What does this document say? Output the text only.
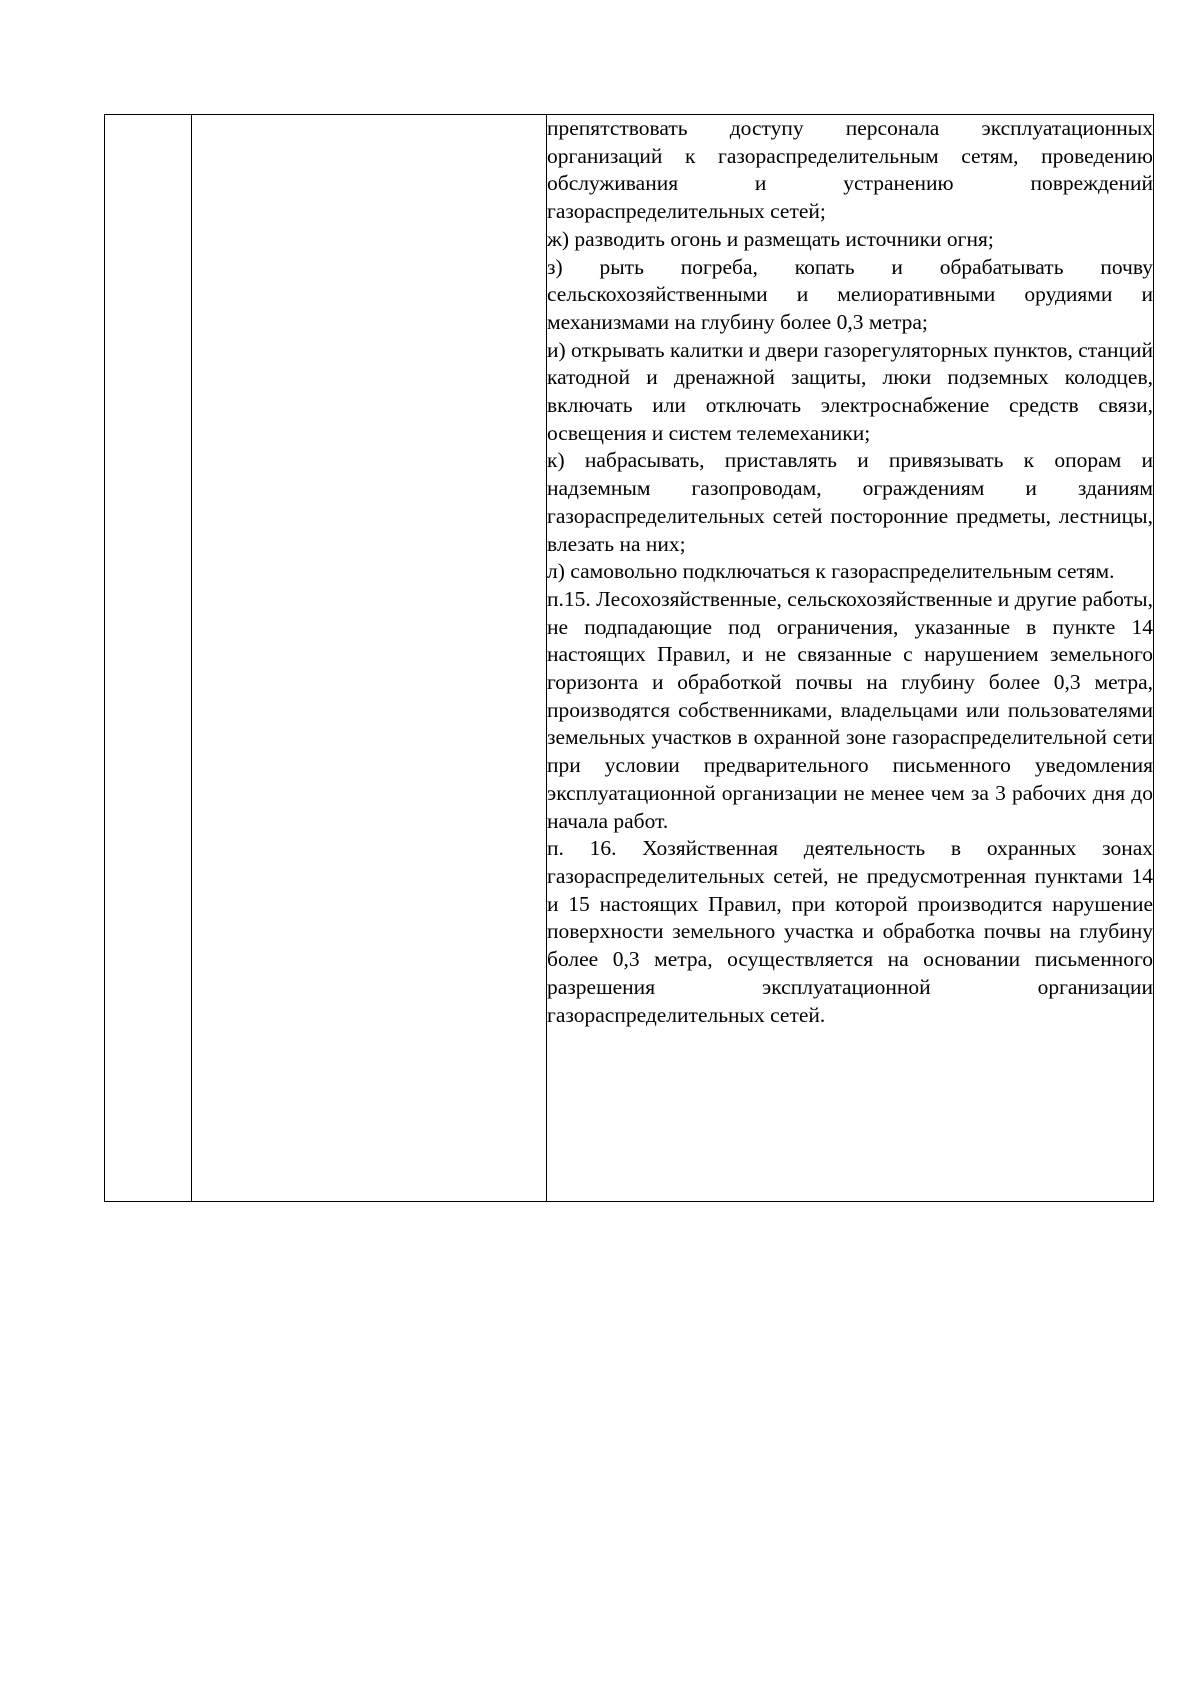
препятствовать доступу персонала эксплуатационных организаций к газораспределительным сетям, проведению обслуживания и устранению повреждений газораспределительных сетей;

ж) разводить огонь и размещать источники огня;

з) рыть погреба, копать и обрабатывать почву сельскохозяйственными и мелиоративными орудиями и механизмами на глубину более 0,3 метра;

и) открывать калитки и двери газорегуляторных пунктов, станций катодной и дренажной защиты, люки подземных колодцев, включать или отключать электроснабжение средств связи, освещения и систем телемеханики;

к) набрасывать, приставлять и привязывать к опорам и надземным газопроводам, ограждениям и зданиям газораспределительных сетей посторонние предметы, лестницы, влезать на них;

л) самовольно подключаться к газораспределительным сетям.

п.15. Лесохозяйственные, сельскохозяйственные и другие работы, не подпадающие под ограничения, указанные в пункте 14 настоящих Правил, и не связанные с нарушением земельного горизонта и обработкой почвы на глубину более 0,3 метра, производятся собственниками, владельцами или пользователями земельных участков в охранной зоне газораспределительной сети при условии предварительного письменного уведомления эксплуатационной организации не менее чем за 3 рабочих дня до начала работ.

п. 16. Хозяйственная деятельность в охранных зонах газораспределительных сетей, не предусмотренная пунктами 14 и 15 настоящих Правил, при которой производится нарушение поверхности земельного участка и обработка почвы на глубину более 0,3 метра, осуществляется на основании письменного разрешения эксплуатационной организации газораспределительных сетей.
